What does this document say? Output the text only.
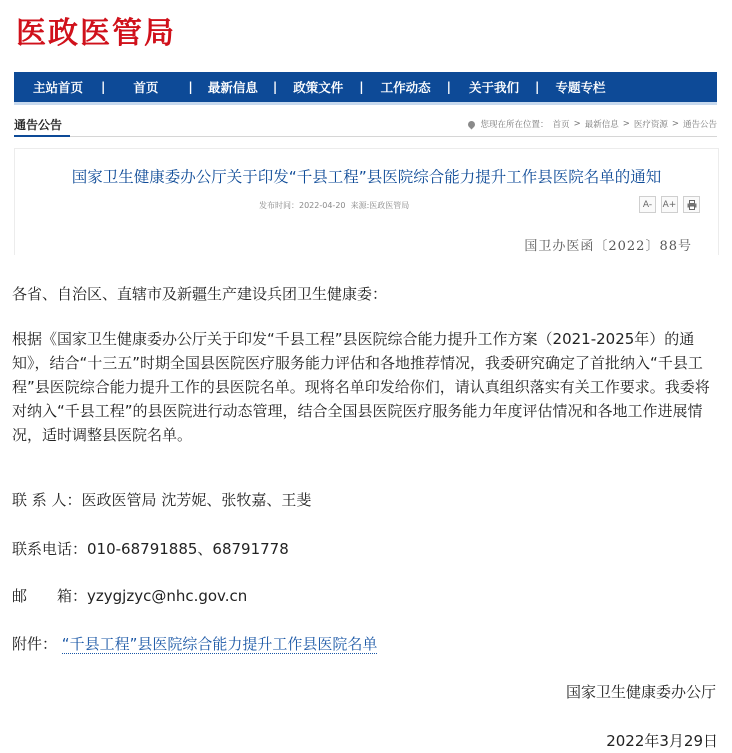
医政医管局
主站首页 | 首页	| 最新信息 | 政策文件 | 工作动态 | 关于我们 | 专题专栏
通告公告	您现在所在位置： 首页 > 最新信息 > 医疗资源 > 通告公告
国家卫生健康委办公厅关于印发“千县工程”县医院综合能力提升工作县医院名单的通知
发布时间：2022-04-20 来源:医政医管局	A-	A+
国卫办医函〔2022〕88号
各省、自治区、直辖市及新疆生产建设兵团卫生健康委：
根据《国家卫生健康委办公厅关于印发“千县工程”县医院综合能力提升工作方案（2021-2025年）的通知》，结合“十三五”时期全国县医院医疗服务能力评估和各地推荐情况，我委研究确定了首批纳入“千县工程”县医院综合能力提升工作的县医院名单。现将名单印发给你们，请认真组织落实有关工作要求。我委将对纳入“千县工程”的县医院进行动态管理，结合全国县医院医疗服务能力年度评估情况和各地工作进展情况，适时调整县医院名单。
联 系 人：医政医管局 沈芳妮、张牧嘉、王斐
联系电话：010-68791885、68791778
邮　　箱：yzygjzyc@nhc.gov.cn
附件： “千县工程”县医院综合能力提升工作县医院名单
国家卫生健康委办公厅
2022年3月29日
